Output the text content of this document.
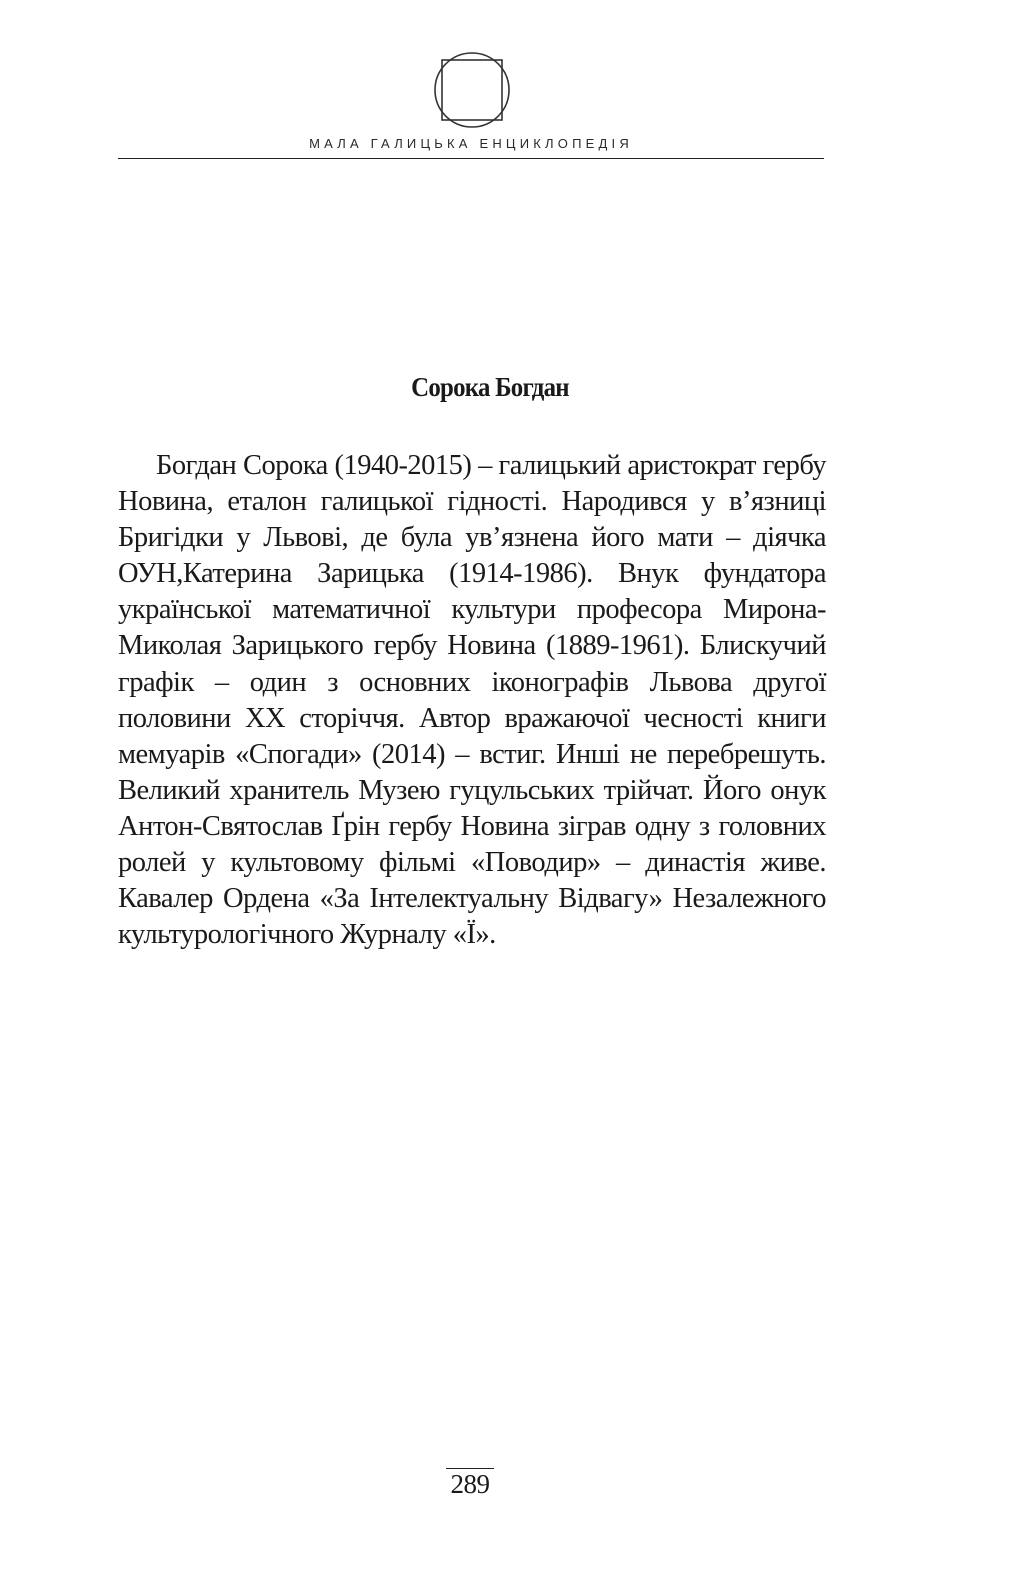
МАЛА ГАЛИЦЬКА ЕНЦИКЛОПЕДІЯ
Сорока Богдан

Богдан Сорока (1940-2015) – галицький аристократ гербу Новина, еталон галицької гідності. Народився у в’язниці Бригідки у Львові, де була ув’язнена його мати – діячка ОУН,Катерина Зарицька (1914-1986). Внук фундатора української математичної культури професора Мирона-Миколая Зарицького гербу Новина (1889-1961). Блискучий графік – один з основних іконографів Львова другої половини ХХ сторіччя. Автор вражаючої чесності книги мемуарів «Спогади» (2014) – встиг. Инші не перебрешуть. Великий хранитель Музею гуцульських трійчат. Його онук Антон-Святослав Ґрін гербу Новина зіграв одну з головних ролей у культовому фільмі «Поводир» – династія живе. Кавалер Ордена «За Інтелектуальну Відвагу» Незалежного культурологічного Журналу «Ї».

289
